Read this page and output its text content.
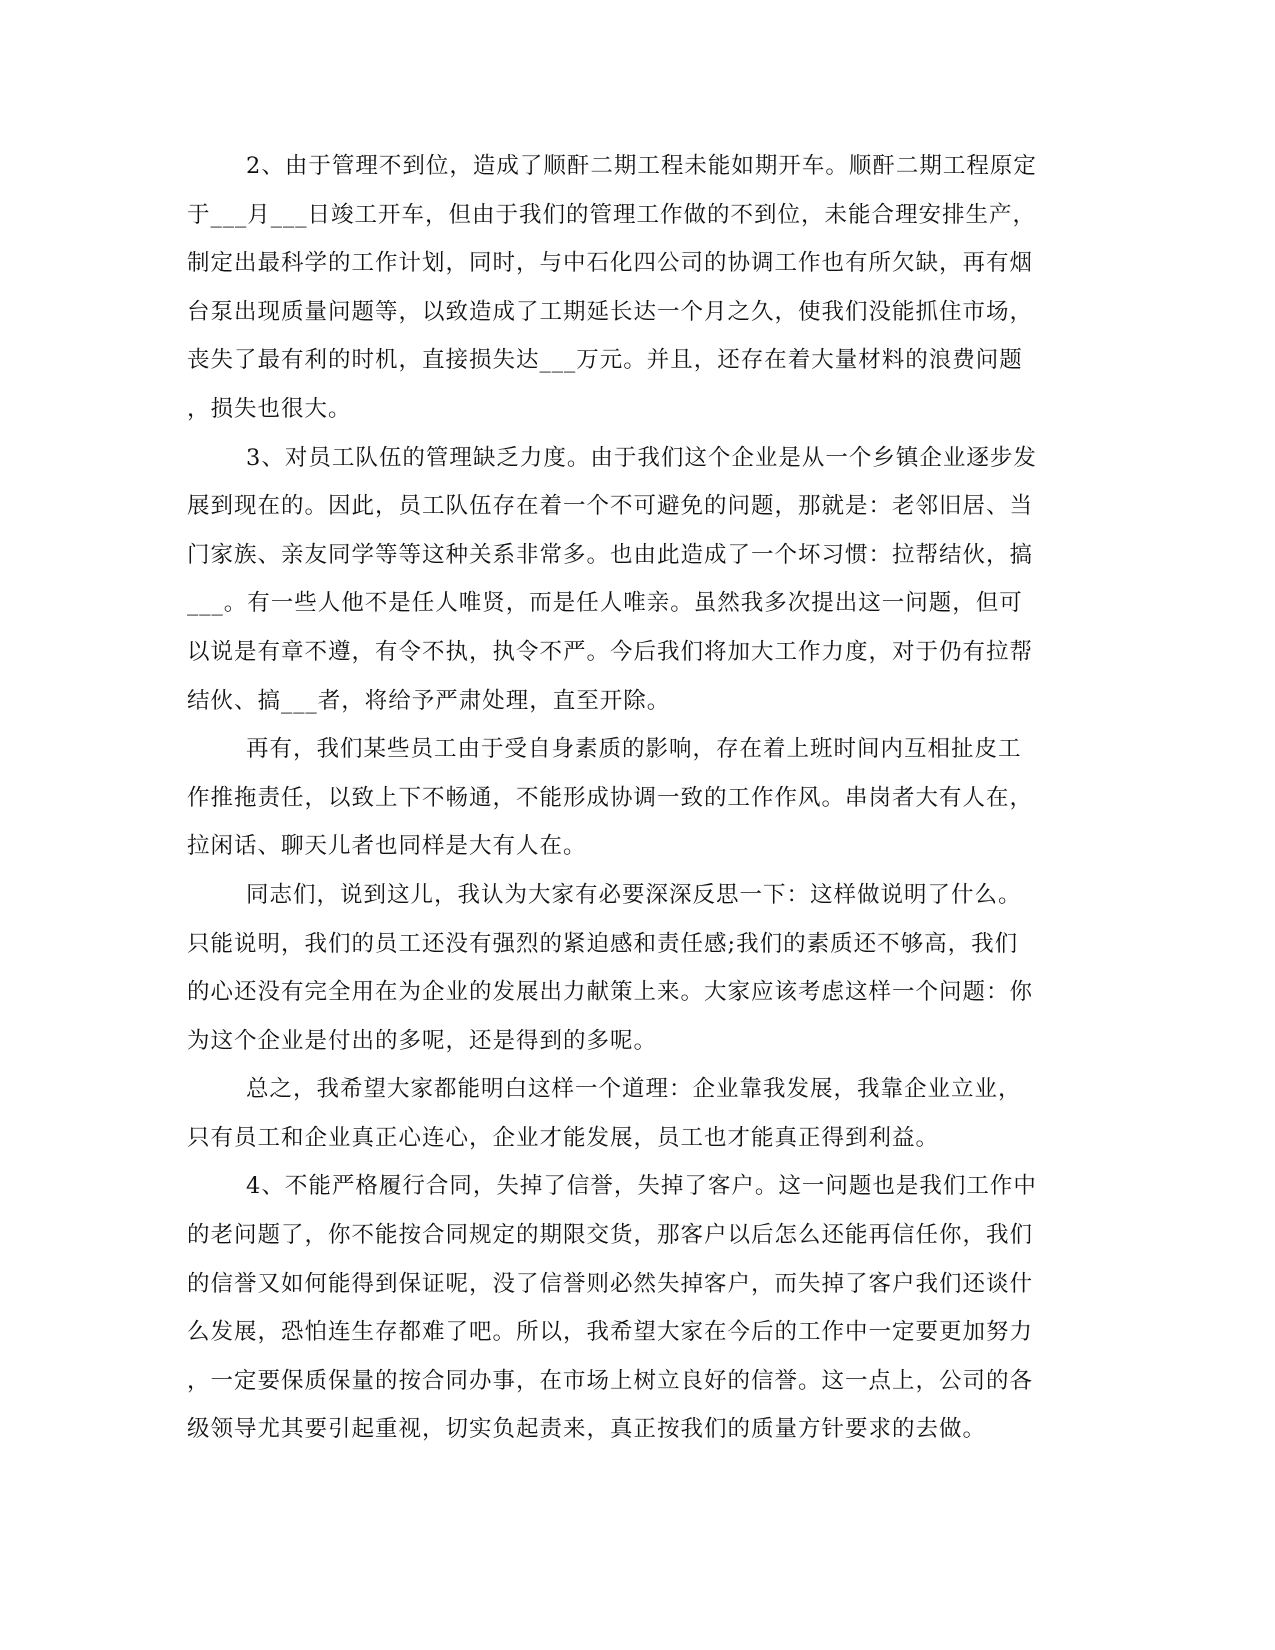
2、由于管理不到位，造成了顺酐二期工程未能如期开车。顺酐二期工程原定
于___月___日竣工开车，但由于我们的管理工作做的不到位，未能合理安排生产，
制定出最科学的工作计划，同时，与中石化四公司的协调工作也有所欠缺，再有烟
台泵出现质量问题等，以致造成了工期延长达一个月之久，使我们没能抓住市场，
丧失了最有利的时机，直接损失达___万元。并且，还存在着大量材料的浪费问题
，损失也很大。
3、对员工队伍的管理缺乏力度。由于我们这个企业是从一个乡镇企业逐步发
展到现在的。因此，员工队伍存在着一个不可避免的问题，那就是：老邻旧居、当
门家族、亲友同学等等这种关系非常多。也由此造成了一个坏习惯：拉帮结伙，搞
___。有一些人他不是任人唯贤，而是任人唯亲。虽然我多次提出这一问题，但可
以说是有章不遵，有令不执，执令不严。今后我们将加大工作力度，对于仍有拉帮
结伙、搞___者，将给予严肃处理，直至开除。
再有，我们某些员工由于受自身素质的影响，存在着上班时间内互相扯皮工
作推拖责任，以致上下不畅通，不能形成协调一致的工作作风。串岗者大有人在，
拉闲话、聊天儿者也同样是大有人在。
同志们，说到这儿，我认为大家有必要深深反思一下：这样做说明了什么。
只能说明，我们的员工还没有强烈的紧迫感和责任感;我们的素质还不够高，我们
的心还没有完全用在为企业的发展出力献策上来。大家应该考虑这样一个问题：你
为这个企业是付出的多呢，还是得到的多呢。
总之，我希望大家都能明白这样一个道理：企业靠我发展，我靠企业立业，
只有员工和企业真正心连心，企业才能发展，员工也才能真正得到利益。
4、不能严格履行合同，失掉了信誉，失掉了客户。这一问题也是我们工作中
的老问题了，你不能按合同规定的期限交货，那客户以后怎么还能再信任你，我们
的信誉又如何能得到保证呢，没了信誉则必然失掉客户，而失掉了客户我们还谈什
么发展，恐怕连生存都难了吧。所以，我希望大家在今后的工作中一定要更加努力
，一定要保质保量的按合同办事，在市场上树立良好的信誉。这一点上，公司的各
级领导尤其要引起重视，切实负起责来，真正按我们的质量方针要求的去做。
